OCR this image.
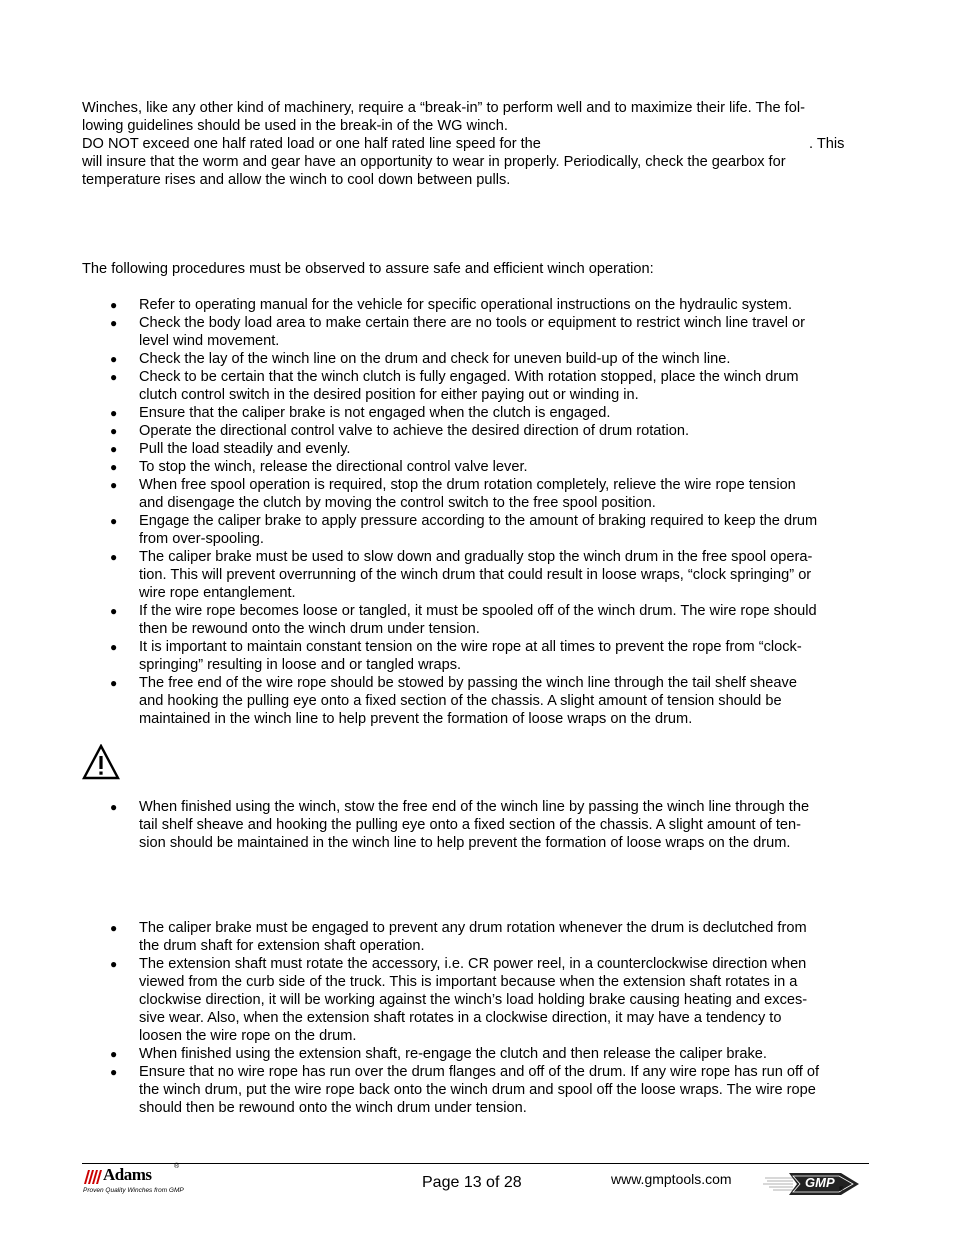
Winches, like any other kind of machinery, require a “break-in” to perform well and to maximize their life. The fol-
lowing guidelines should be used in the break-in of the WG winch.
DO NOT exceed one half rated load or one half rated line speed for the	. This
will insure that the worm and gear have an opportunity to wear in properly. Periodically, check the gearbox for
temperature rises and allow the winch to cool down between pulls.
The following procedures must be observed to assure safe and efficient winch operation:
● Refer to operating manual for the vehicle for specific operational instructions on the hydraulic system.
● Check the body load area to make certain there are no tools or equipment to restrict winch line travel or
level wind movement.
● Check the lay of the winch line on the drum and check for uneven build-up of the winch line.
● Check to be certain that the winch clutch is fully engaged. With rotation stopped, place the winch drum
clutch control switch in the desired position for either paying out or winding in.
● Ensure that the caliper brake is not engaged when the clutch is engaged.
● Operate the directional control valve to achieve the desired direction of drum rotation.
● Pull the load steadily and evenly.
● To stop the winch, release the directional control valve lever.
● When free spool operation is required, stop the drum rotation completely, relieve the wire rope tension
and disengage the clutch by moving the control switch to the free spool position.
● Engage the caliper brake to apply pressure according to the amount of braking required to keep the drum
from over-spooling.
● The caliper brake must be used to slow down and gradually stop the winch drum in the free spool opera-
tion. This will prevent overrunning of the winch drum that could result in loose wraps, “clock springing” or
wire rope entanglement.
● If the wire rope becomes loose or tangled, it must be spooled off of the winch drum. The wire rope should
then be rewound onto the winch drum under tension.
● It is important to maintain constant tension on the wire rope at all times to prevent the rope from “clock-
springing” resulting in loose and or tangled wraps.
● The free end of the wire rope should be stowed by passing the winch line through the tail shelf sheave
and hooking the pulling eye onto a fixed section of the chassis. A slight amount of tension should be
maintained in the winch line to help prevent the formation of loose wraps on the drum.
● When finished using the winch, stow the free end of the winch line by passing the winch line through the
tail shelf sheave and hooking the pulling eye onto a fixed section of the chassis. A slight amount of ten-
sion should be maintained in the winch line to help prevent the formation of loose wraps on the drum.
● The caliper brake must be engaged to prevent any drum rotation whenever the drum is declutched from
the drum shaft for extension shaft operation.
● The extension shaft must rotate the accessory, i.e. CR power reel, in a counterclockwise direction when
viewed from the curb side of the truck. This is important because when the extension shaft rotates in a
clockwise direction, it will be working against the winch’s load holding brake causing heating and exces-
sive wear. Also, when the extension shaft rotates in a clockwise direction, it may have a tendency to
loosen the wire rope on the drum.
● When finished using the extension shaft, re-engage the clutch and then release the caliper brake.
● Ensure that no wire rope has run over the drum flanges and off of the drum. If any wire rope has run off of
the winch drum, put the wire rope back onto the winch drum and spool off the loose wraps. The wire rope
should then be rewound onto the winch drum under tension.
Adams	®
Proven Quality Winches from GMP	Page 13 of 28	www.gmptools.com	GMP ®
